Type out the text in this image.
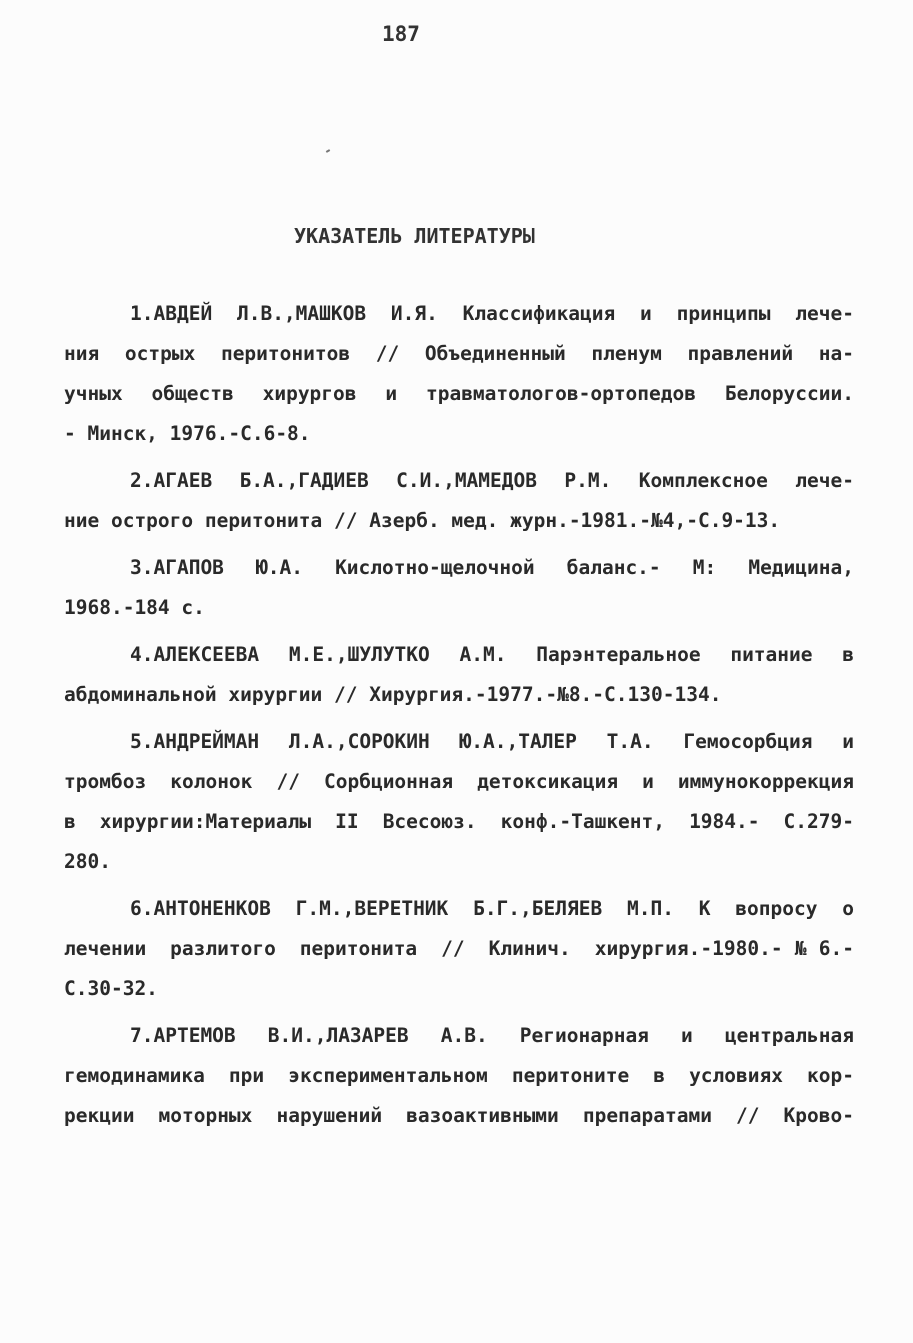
187
УКАЗАТЕЛЬ ЛИТЕРАТУРЫ
1.АВДЕЙ Л.В.,МАШКОВ И.Я. Классификация и принципы лече-
ния острых перитонитов // Объединенный пленум правлений на-
учных обществ хирургов и травматологов-ортопедов Белоруссии.
- Минск, 1976.-С.6-8.
2.АГАЕВ Б.А.,ГАДИЕВ С.И.,МАМЕДОВ Р.М. Комплексное лече-
ние острого перитонита // Азерб. мед. журн.-1981.-№4,-С.9-13.
3.АГАПОВ Ю.А. Кислотно-щелочной баланс.- М: Медицина,
1968.-184 с.
4.АЛЕКСЕЕВА М.Е.,ШУЛУТКО А.М. Парэнтеральное питание в
абдоминальной хирургии // Хирургия.-1977.-№8.-С.130-134.
5.АНДРЕЙМАН Л.А.,СОРОКИН Ю.А.,ТАЛЕР Т.А. Гемосорбция и
тромбоз колонок // Сорбционная детоксикация и иммунокоррекция
в хирургии:Материалы II Всесоюз. конф.-Ташкент, 1984.- С.279-
280.
6.АНТОНЕНКОВ Г.М.,ВЕРЕТНИК Б.Г.,БЕЛЯЕВ М.П. К вопросу о
лечении разлитого перитонита // Клинич. хирургия.-1980.-№6.-
С.30-32.
7.АРТЕМОВ В.И.,ЛАЗАРЕВ А.В. Регионарная и центральная
гемодинамика при экспериментальном перитоните в условиях кор-
рекции моторных нарушений вазоактивными препаратами // Крово-
